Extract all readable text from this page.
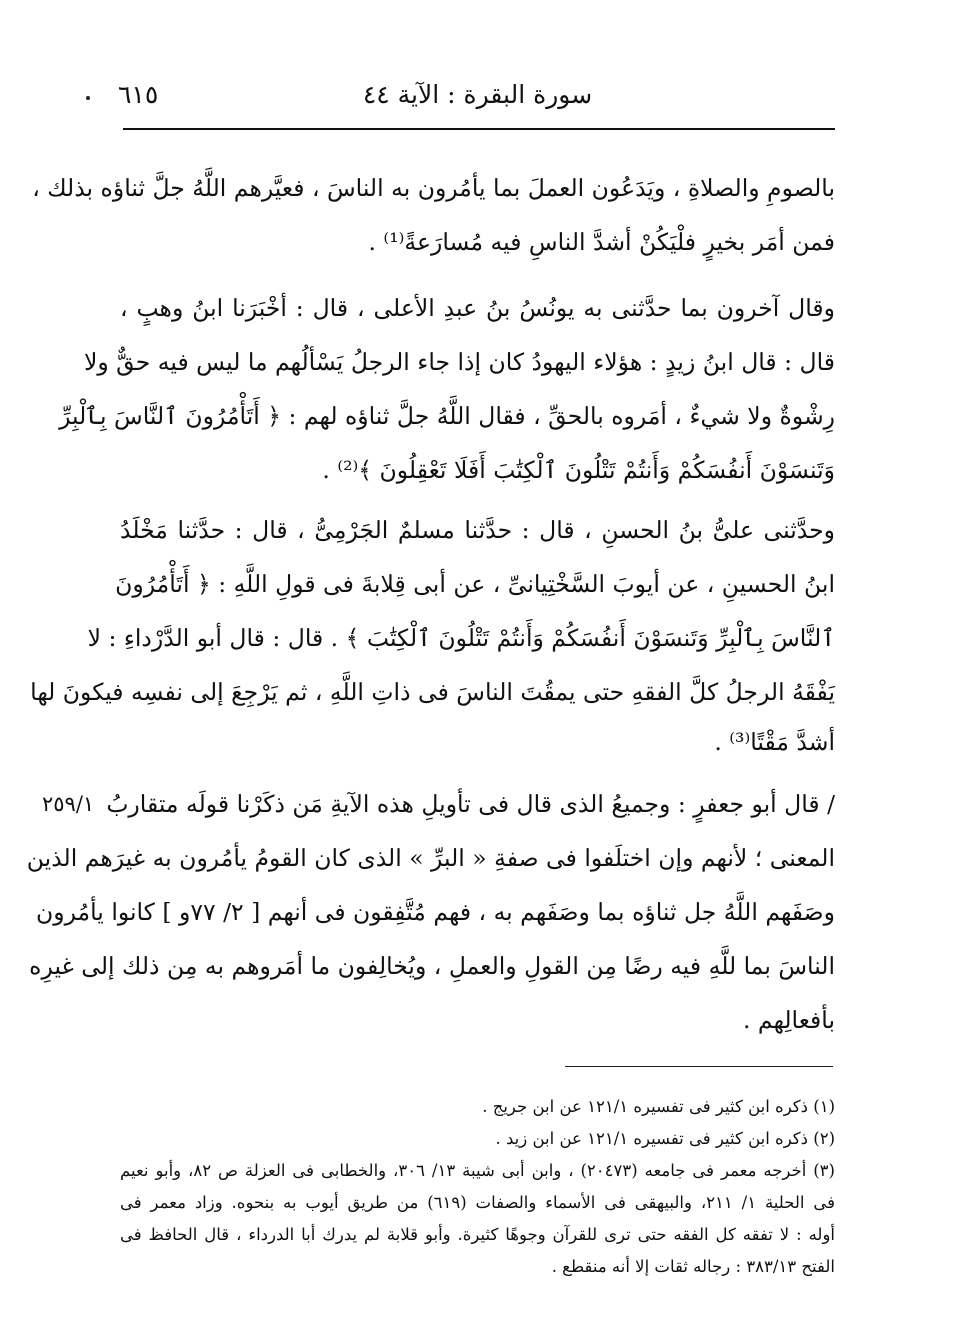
سورة البقرة : الآية ٤٤
٦١٥
بالصومِ والصلاةِ ، ويَدَعُون العملَ بما يأمُرون به الناسَ ، فعيَّرهم اللَّهُ جلَّ ثناؤه بذلك ،
فمن أمَر بخيرٍ فلْيَكُنْ أشدَّ الناسِ فيه مُسارَعةً⁽¹⁾ .
وقال آخرون بما حدَّثنى به يونُسُ بنُ عبدِ الأعلى ، قال : أخْبَرَنا ابنُ وهبٍ ،
قال : قال ابنُ زيدٍ : هؤلاء اليهودُ كان إذا جاء الرجلُ يَسْألُهم ما ليس فيه حقٌّ ولا
رِشْوةٌ ولا شيءٌ ، أمَروه بالحقِّ ، فقال اللَّهُ جلَّ ثناؤه لهم : ﴿ أَتَأْمُرُونَ ٱلنَّاسَ بِٱلْبِرِّ
وَتَنسَوْنَ أَنفُسَكُمْ وَأَنتُمْ تَتْلُونَ ٱلْكِتَٰبَ أَفَلَا تَعْقِلُونَ ﴾⁽²⁾ .
وحدَّثنى علىُّ بنُ الحسنِ ، قال : حدَّثنا مسلمٌ الجَرْمِىُّ ، قال : حدَّثنا مَخْلَدُ
ابنُ الحسينِ ، عن أيوبَ السَّخْتِيانىِّ ، عن أبى قِلابةَ فى قولِ اللَّهِ : ﴿ أَتَأْمُرُونَ
ٱلنَّاسَ بِٱلْبِرِّ وَتَنسَوْنَ أَنفُسَكُمْ وَأَنتُمْ تَتْلُونَ ٱلْكِتَٰبَ ﴾ . قال : قال أبو الدَّرْداءِ : لا
يَفْقَهُ الرجلُ كلَّ الفقهِ حتى يمقُتَ الناسَ فى ذاتِ اللَّهِ ، ثم يَرْجِعَ إلى نفسِه فيكونَ لها
أشدَّ مَقْتًا⁽³⁾ .
٢٥٩/١ / قال أبو جعفرٍ : وجميعُ الذى قال فى تأويلِ هذه الآيةِ مَن ذكَرْنا قولَه متقاربُ
المعنى ؛ لأنهم وإن اختلَفوا فى صفةِ « البرِّ » الذى كان القومُ يأمُرون به غيرَهم الذين
وصَفَهم اللَّهُ جل ثناؤه بما وصَفَهم به ، فهم مُتَّفِقون فى أنهم [ ٢/ ٧٧و ] كانوا يأمُرون
الناسَ بما للَّهِ فيه رضًا مِن القولِ والعملِ ، ويُخالِفون ما أمَروهم به مِن ذلك إلى غيرِه
بأفعالِهم .
(١) ذكره ابن كثير فى تفسيره ١٢١/١ عن ابن جريج .
(٢) ذكره ابن كثير فى تفسيره ١٢١/١ عن ابن زيد .
(٣) أخرجه معمر فى جامعه (٢٠٤٧٣) ، وابن أبى شيبة ١٣/ ٣٠٦، والخطابى فى العزلة ص ٨٢، وأبو نعيم
فى الحلية ١/ ٢١١، والبيهقى فى الأسماء والصفات (٦١٩) من طريق أيوب به بنحوه. وزاد معمر فى
أوله : لا تفقه كل الفقه حتى ترى للقرآن وجوهًا كثيرة. وأبو قلابة لم يدرك أبا الدرداء ، قال الحافظ فى
الفتح ٣٨٣/١٣ : رجاله ثقات إلا أنه منقطع .
